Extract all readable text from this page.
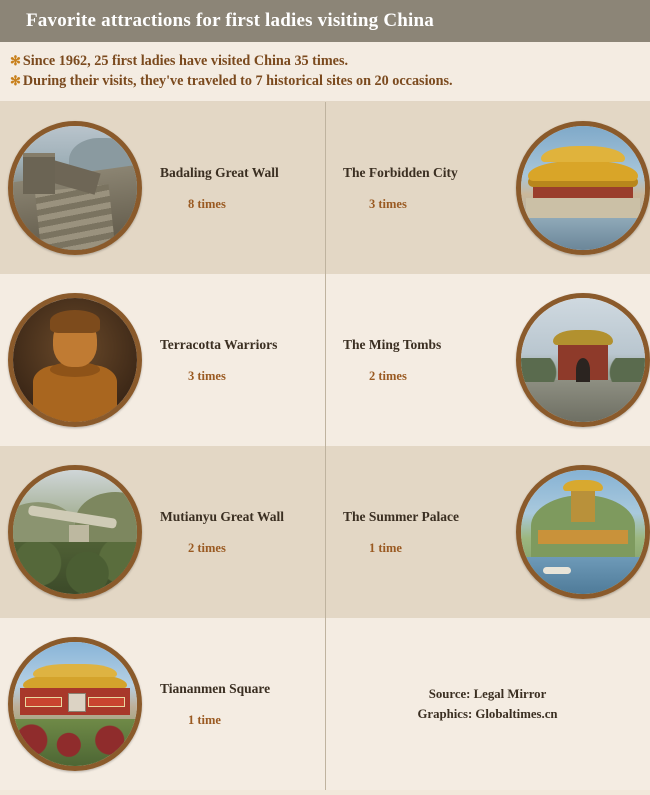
Favorite attractions for first ladies visiting China
✻ Since 1962, 25 first ladies have visited China 35 times.
✻ During their visits, they've traveled to 7 historical sites on 20 occasions.
Badaling Great Wall
8 times
The Forbidden City
3 times
Terracotta Warriors
3 times
The Ming Tombs
2 times
Mutianyu Great Wall
2 times
The Summer Palace
1 time
Tiananmen Square
1 time
Source: Legal Mirror
Graphics: Globaltimes.cn
